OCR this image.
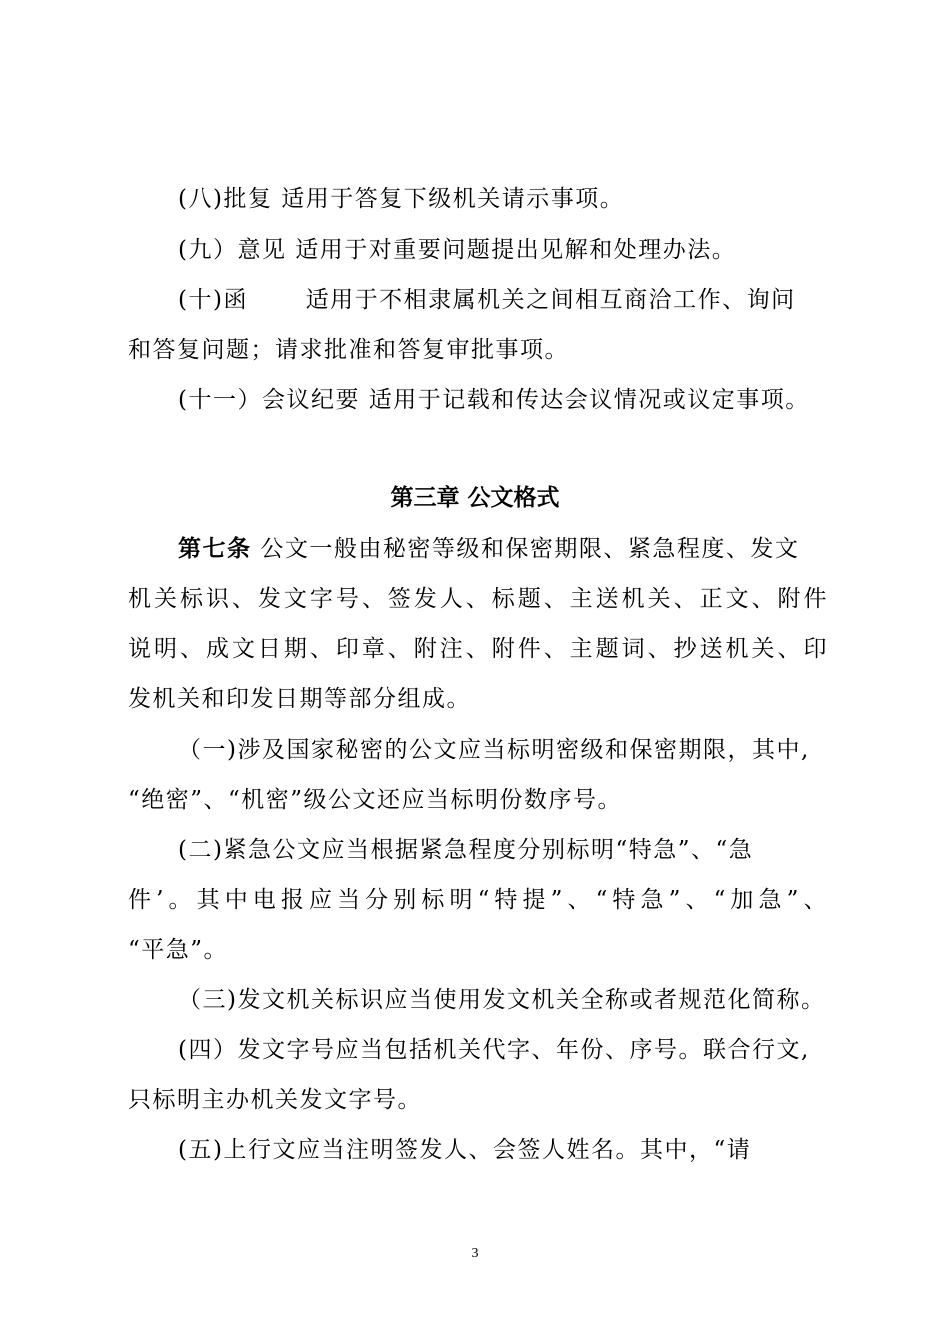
(八)批复 适用于答复下级机关请示事项。
(九）意见 适用于对重要问题提出见解和处理办法。
(十)函	适用于不相隶属机关之间相互商洽工作、询问
和答复问题；请求批准和答复审批事项。
(十一）会议纪要 适用于记载和传达会议情况或议定事项。
第三章 公文格式
第七条 公文一般由秘密等级和保密期限、紧急程度、发文
机关标识、发文字号、签发人、标题、主送机关、正文、附件
说明、成文日期、印章、附注、附件、主题词、抄送机关、印
发机关和印发日期等部分组成。
（一)涉及国家秘密的公文应当标明密级和保密期限，其中,
“绝密”、“机密”级公文还应当标明份数序号。
(二)紧急公文应当根据紧急程度分别标明“特急”、“急
件’。其中电报应当分别标明“特提”、“特急”、“加急”、
“平急”。
（三)发文机关标识应当使用发文机关全称或者规范化简称。
(四）发文字号应当包括机关代字、年份、序号。联合行文,
只标明主办机关发文字号。
(五)上行文应当注明签发人、会签人姓名。其中，“请
3
